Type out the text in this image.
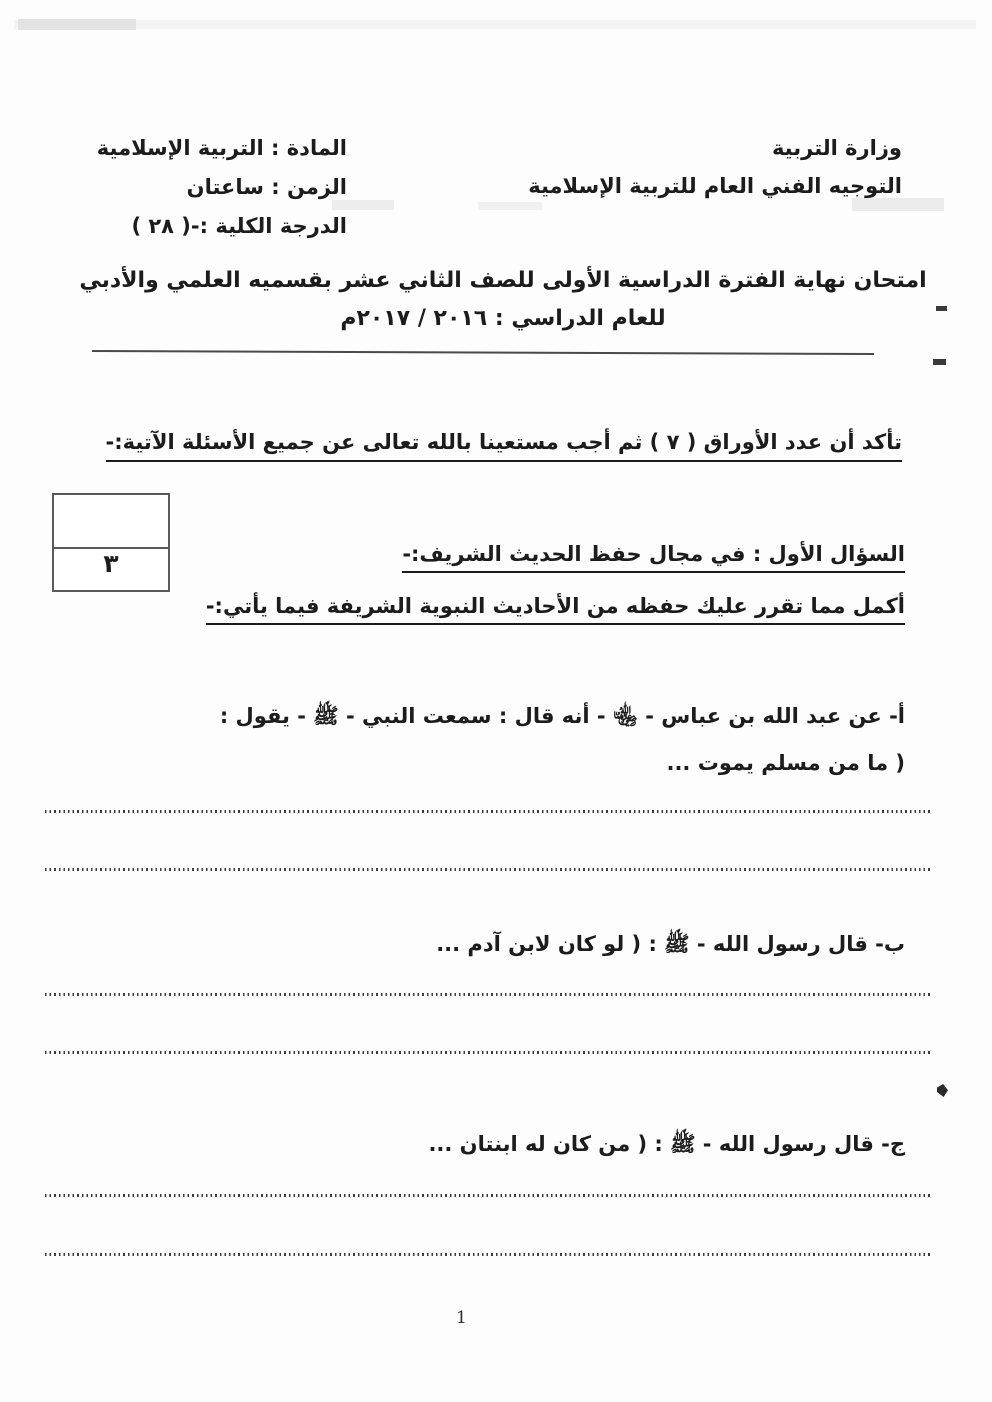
وزارة التربية
التوجيه الفني العام للتربية الإسلامية
المادة : التربية الإسلامية
الزمن : ساعتان
الدرجة الكلية :-( ٢٨ )
امتحان نهاية الفترة الدراسية الأولى للصف الثاني عشر بقسميه العلمي والأدبي
للعام الدراسي : ٢٠١٦ / ٢٠١٧م
تأكد أن عدد الأوراق ( ٧ ) ثم أجب مستعينا بالله تعالى عن جميع الأسئلة الآتية:-
٣	السؤال الأول : في مجال حفظ الحديث الشريف:-
أكمل مما تقرر عليك حفظه من الأحاديث النبوية الشريفة فيما يأتي:-
أ- عن عبد الله بن عباس - ﵄ - أنه قال : سمعت النبي - ﷺ - يقول :
( ما من مسلم يموت ...
ب- قال رسول الله - ﷺ : ( لو كان لابن آدم ...
ج- قال رسول الله - ﷺ : ( من كان له ابنتان ...
1
